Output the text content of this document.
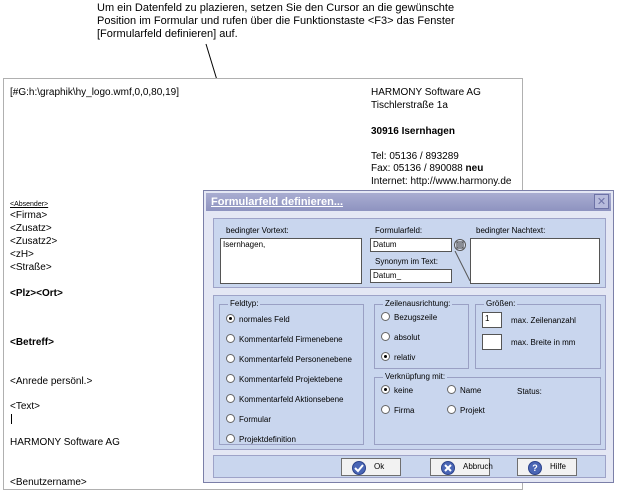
Um ein Datenfeld zu plazieren, setzen Sie den Cursor an die gewünschte
Position im Formular und rufen über die Funktionstaste <F3> das Fenster
[Formularfeld definieren] auf.
[#G:h:\graphik\hy_logo.wmf,0,0,80,19]	HARMONY Software AG
Tischlerstraße 1a
30916 Isernhagen
Tel: 05136 / 893289
Fax: 05136 / 890088 neu
Internet: http://www.harmony.de
<Absender>
<Firma>
<Zusatz>
<Zusatz2>
<zH>
<Straße>
<Plz><Ort>
<Betreff>
<Anrede persönl.>
<Text>
HARMONY Software AG
<Benutzername>
Formularfeld definieren...	✕
bedingter Vortext:
Isernhagen,
Formularfeld:
Datum
Synonym im Text:
Datum_
bedingter Nachtext:
Feldtyp:
normales Feld
Kommentarfeld Firmenebene
Kommentarfeld Personenebene
Kommentarfeld Projektebene
Kommentarfeld Aktionsebene
Formular
Projektdefinition
Zeilenausrichtung:
Bezugszeile
absolut
relativ
Größen:
1	max. Zeilenanzahl
max. Breite in mm
Verknüpfung mit:
keine	Name	Status:
Firma	Projekt
Ok	Abbruch	?	Hilfe
